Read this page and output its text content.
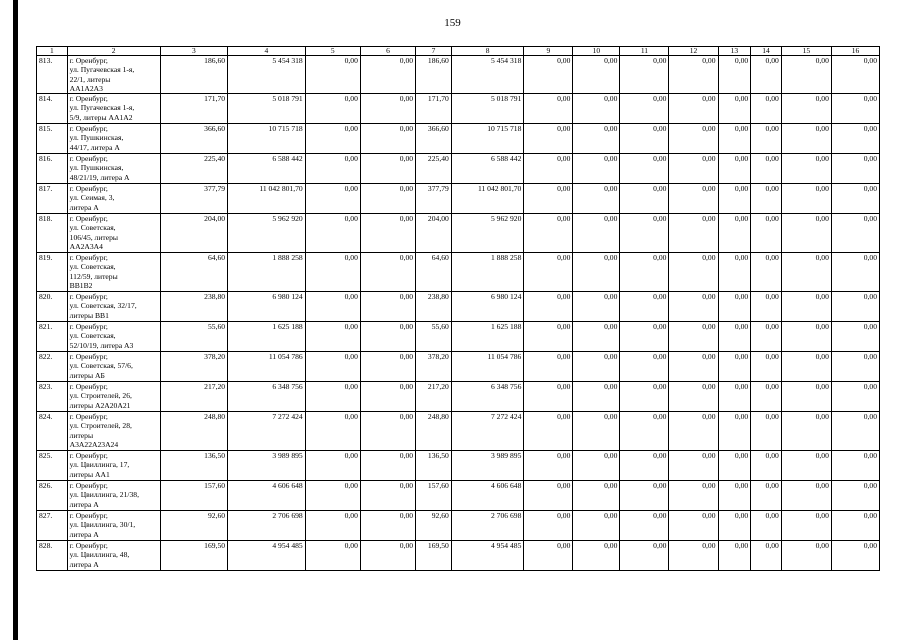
159
1	2	3	4	5	6	7	8	9	10	11	12	13	14	15	16
813.	г. Оренбург,
ул. Пугачевская 1-я,
22/1, литеры
АА1А2А3	186,60	5 454 318	0,00	0,00	186,60	5 454 318	0,00	0,00	0,00	0,00	0,00	0,00	0,00	0,00
814.	г. Оренбург,
ул. Пугачевская 1-я,
5/9, литеры АА1А2	171,70	5 018 791	0,00	0,00	171,70	5 018 791	0,00	0,00	0,00	0,00	0,00	0,00	0,00	0,00
815.	г. Оренбург,
ул. Пушкинская,
44/17, литера А	366,60	10 715 718	0,00	0,00	366,60	10 715 718	0,00	0,00	0,00	0,00	0,00	0,00	0,00	0,00
816.	г. Оренбург,
ул. Пушкинская,
48/21/19, литера А	225,40	6 588 442	0,00	0,00	225,40	6 588 442	0,00	0,00	0,00	0,00	0,00	0,00	0,00	0,00
817.	г. Оренбург,
ул. Сеимая, 3,
литера А	377,79	11 042 801,70	0,00	0,00	377,79	11 042 801,70	0,00	0,00	0,00	0,00	0,00	0,00	0,00	0,00
818.	г. Оренбург,
ул. Советская,
106/45, литеры
АА2А3А4	204,00	5 962 920	0,00	0,00	204,00	5 962 920	0,00	0,00	0,00	0,00	0,00	0,00	0,00	0,00
819.	г. Оренбург,
ул. Советская,
112/59, литеры
ВВ1В2	64,60	1 888 258	0,00	0,00	64,60	1 888 258	0,00	0,00	0,00	0,00	0,00	0,00	0,00	0,00
820.	г. Оренбург,
ул. Советская, 32/17,
литеры ВВ1	238,80	6 980 124	0,00	0,00	238,80	6 980 124	0,00	0,00	0,00	0,00	0,00	0,00	0,00	0,00
821.	г. Оренбург,
ул. Советская,
52/10/19, литера А3	55,60	1 625 188	0,00	0,00	55,60	1 625 188	0,00	0,00	0,00	0,00	0,00	0,00	0,00	0,00
822.	г. Оренбург,
ул. Советская, 57/6,
литеры АБ	378,20	11 054 786	0,00	0,00	378,20	11 054 786	0,00	0,00	0,00	0,00	0,00	0,00	0,00	0,00
823.	г. Оренбург,
ул. Строителей, 26,
литеры А2А20А21	217,20	6 348 756	0,00	0,00	217,20	6 348 756	0,00	0,00	0,00	0,00	0,00	0,00	0,00	0,00
824.	г. Оренбург,
ул. Строителей, 28,
литеры
А3А22А23А24	248,80	7 272 424	0,00	0,00	248,80	7 272 424	0,00	0,00	0,00	0,00	0,00	0,00	0,00	0,00
825.	г. Оренбург,
ул. Цвиллинга, 17,
литеры АА1	136,50	3 989 895	0,00	0,00	136,50	3 989 895	0,00	0,00	0,00	0,00	0,00	0,00	0,00	0,00
826.	г. Оренбург,
ул. Цвиллинга, 21/38,
литера А	157,60	4 606 648	0,00	0,00	157,60	4 606 648	0,00	0,00	0,00	0,00	0,00	0,00	0,00	0,00
827.	г. Оренбург,
ул. Цвиллинга, 30/1,
литера А	92,60	2 706 698	0,00	0,00	92,60	2 706 698	0,00	0,00	0,00	0,00	0,00	0,00	0,00	0,00
828.	г. Оренбург,
ул. Цвиллинга, 48,
литера А	169,50	4 954 485	0,00	0,00	169,50	4 954 485	0,00	0,00	0,00	0,00	0,00	0,00	0,00	0,00
